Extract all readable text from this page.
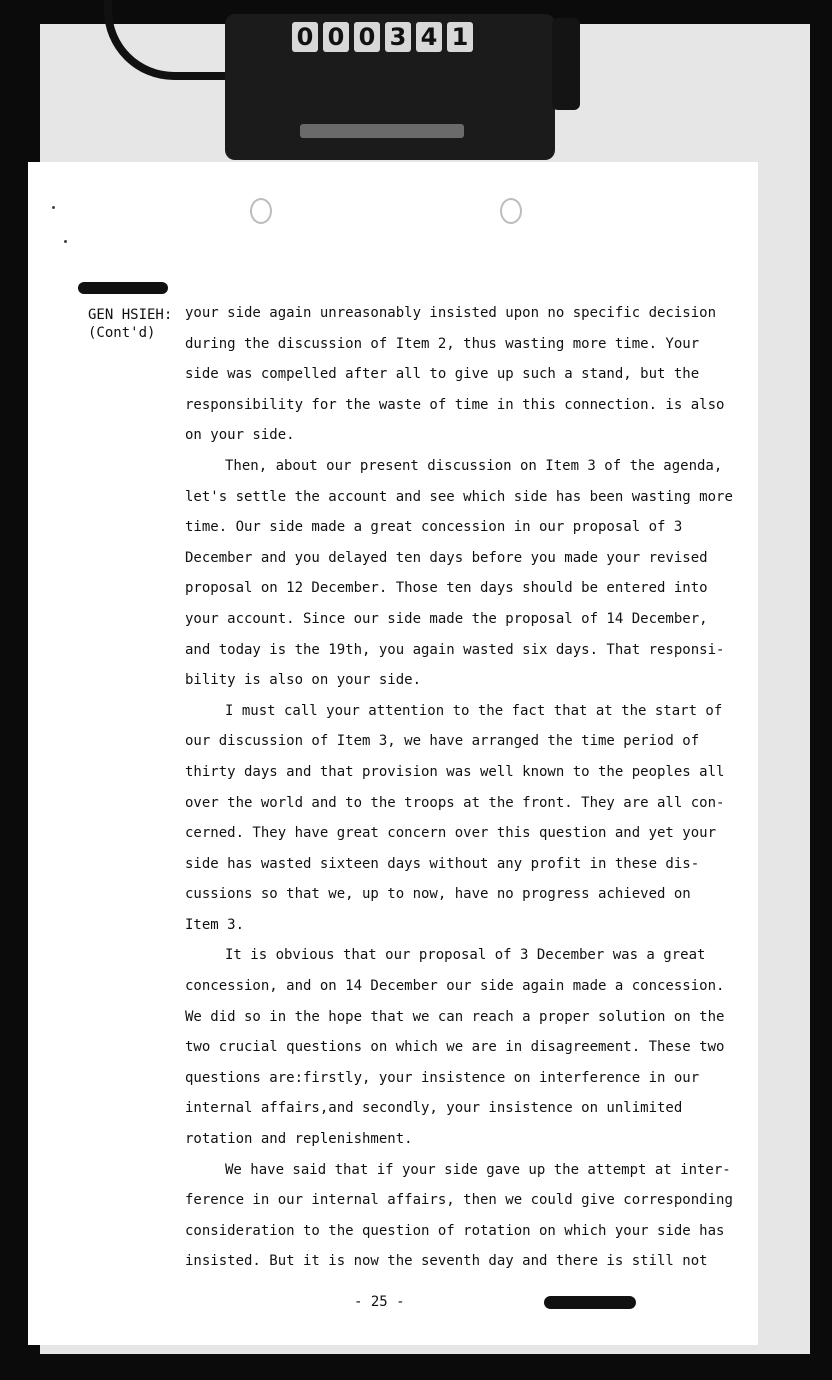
0 0 0 3 4 1
GEN HSIEH:
(Cont'd)
your side again unreasonably insisted upon no specific decision
during the discussion of Item 2, thus wasting more time. Your
side was compelled after all to give up such a stand, but the
responsibility for the waste of time in this connection. is also
on your side.
Then, about our present discussion on Item 3 of the agenda,
let's settle the account and see which side has been wasting more
time. Our side made a great concession in our proposal of 3
December and you delayed ten days before you made your revised
proposal on 12 December. Those ten days should be entered into
your account. Since our side made the proposal of 14 December,
and today is the 19th, you again wasted six days. That responsi-
bility is also on your side.
I must call your attention to the fact that at the start of
our discussion of Item 3, we have arranged the time period of
thirty days and that provision was well known to the peoples all
over the world and to the troops at the front. They are all con-
cerned. They have great concern over this question and yet your
side has wasted sixteen days without any profit in these dis-
cussions so that we, up to now, have no progress achieved on
Item 3.
It is obvious that our proposal of 3 December was a great
concession, and on 14 December our side again made a concession.
We did so in the hope that we can reach a proper solution on the
two crucial questions on which we are in disagreement. These two
questions are:firstly, your insistence on interference in our
internal affairs,and secondly, your insistence on unlimited
rotation and replenishment.
We have said that if your side gave up the attempt at inter-
ference in our internal affairs, then we could give corresponding
consideration to the question of rotation on which your side has
insisted. But it is now the seventh day and there is still not
- 25 -
